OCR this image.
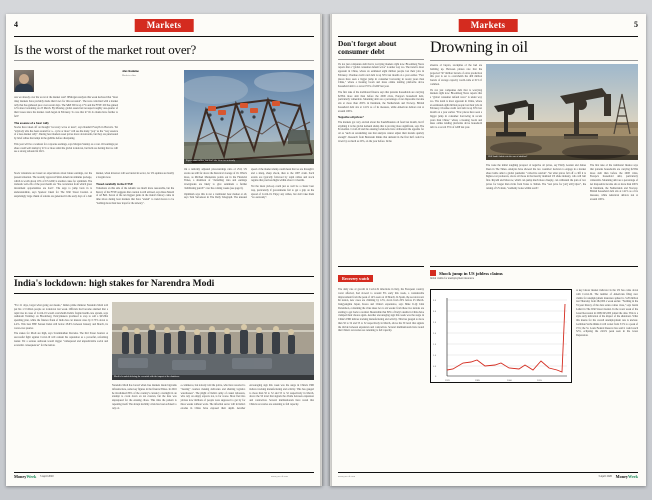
4	Markets
Is the worst of the market rout over?
Alex Rankine
Markets editor
Expect some rallies, but don't take them too seriously

Are we already over the worst of the market rout? JPMorgan analysts this week declared that "most risky markets have probably made their lows for this recession". The note coincided with a market rally that has gathered pace over recent days. The S&P 500 is up 17% and the FTSE 100 has gained 12% since bottoming on 23 March. By Monday, global assets had recouped roughly one-quarter of their losses since the market crash began in February. So was that it? Or do mania have further to fall?

The essence of a bear rally

Stocks have taken off on thought "recovery wave at least", says Randall Forsyth in Barron's. Yet "anybody who has been around for a... cycle or more" will see the many "pop" as the "very essence of a bear-market rally". During bear markets asset prices move downwards, but they are punctuated by brief rallies that tempt in the gullible before dissipating.

This year will be a washout for corporate earnings, says Morgan Stanley as a rout. Oil earnings per share could well slump by 21% or more amid the global lockdown, but bulls are betting that we will see a strong rebound in 2021.

Stock valuations are based on expectations about future earnings, not the present situation. The recently approved $2trn American stimulus package, which is worth about 10% of US GDP, is another cause for optimism. The domestic sell-offs of the past month are "the correlation from which great investment opportunities are born". The urge to jump back in is understandable, says Spencer Jakab for The Wall Street Journal. A surprisingly large chunk of returns are generated in the early days of a bull market, when investors will see buried in sector, for US equities are hardly a bargain now.

Tread carefully in the FTSE

Valuations on this side of the Atlantic are much more reasonable, but the history of the FTSE suggests that caution is still advised, says Russ Mould of AJ Bell. Seven of the ten biggest gains in the index's history came in time slices during bear markets that have "ended" to trend moves to be "nothing more than bear traps for the unwary".

On a radically adjusted price/earnings ratio of 25.8, US stocks are still far above the historical average of 16. What's more, as Michael Mackenzie points out in the Financial Times, a drumbeat of "dwindling data and earnings downgrades are likely to give sentiment a further 'debilitating punch'" over the coming weeks (see page 6).

Optimism says this is not a traditional bear market at all, says Tom Stevenson in The Daily Telegraph. The unusual speed of the market slump could mean that we are through it and a sharp, sharp shock, then to the 1987 crash. Such events are typically followed by rapid rallies and stock regains that previous highs within about 11 months.

Yet the latest pick-up could just as well be a classic bear trap, particularly if governments fail to get a grip on the spread of Covid-19. Enjoy any rallies, but don't take them "too seriously".

India's lockdown: high stakes for Narendra Modi
Modi is hearded defining the essential with the impact of the shutdown

"For 21 days, forget what going out means," Indian prime minister Narendra Modi told put his 1.3 billion people on lockdown last week. Officials had become alarmed that a rapid rise in cases of Covid-19 would overwhelm India's fragile health-care system, says Ashutosh Varshney on Bloomberg. Policymakers promised to stop to add a $23.8bn spending plan, while the finance flank of India has cut interest rates by 0.75% down to 4.4%. This beat BSE Sensex Index still below 28.6% between January and March, its worst-ever quarter.

The stakes for Modi are high, says Swaminathan Devadas. The 62d Street Journal. A successful fight against Covid-19 will cement his reputation as a powerful, reforming leader. Yet a serious outbreak would trigger "widespread and unpredictable social and economic consequences" for the nation.

Narendra Modi has forced when free markets made big-bank infrastructure, some key figures in the finance/Times. In 2016 he invalidated 86% of the country's currency overnight in an attempt to crack down on tax evasion, but the data was unprepared for the ensuing chaos. This time the pattern is repeating itself. The abrupt mobility crisis has been advised to rely on

e-commerce, but nobody told the police, who have resorted to "beating" couriers making deliveries and shutting logistics warehouses". The plight of India's army of casual labourers, who rely on empty expects not, is far worse. Most fled into jobless now millions of people were supposed to get by for three weeks without work. The informal sector will in India's exodus in China have exposed their depth. Another encouraging sign this week was the surge in China's PMI indices tracking manufacturing and activity. This has gauged to more than 50 to 52 and 55 to 52 respectively in March, above the 50 level that signals the divide between expansion and contraction. Several multinationals have noted that China's recoveries are returning to full capacity.

MoneyWeek 3 April 2020	moneyweek.com
Markets	5
Don't forget about consumer debt

It's not just companies debt that is worrying markets right now. Bloomberg News reports that a "global consumer default wave" is under way too. The trend is most apparent in China, where an estimated eight million people lost their jobs in February. Overdue credit card debt is up 50% last month on a year earlier. "Few places have seen a bigger jump in consumer borrowing in recent years than China," where a housing boom and mass online lending platforms drove household debt to a record 55% of GDP last year.

The first take of the traditional finance says that patterns households are carrying $233m more debt than before the 2008 crisis, Europe's household debt, particularly vulnerable. Mounting debt are a percentage of net disposable income sits at more than 200% in Denmark, the Netherlands and Norway. British household debt sits at 141% as of its measure, while American debtors run at around 106%.

Negative oil prices?

The markets got very excited about the Saudi/Russian oil feud last month, but if anything it is the global demand slump that is proving more significant, says The Economist. Covid-19 and the ensuing lockdowns have obliterated the appetite for oil as "such an astonishing rate that analysts cannot adjust their models quickly enough". Research from Bernstein thinks that demand in the first half could be down by as much as 20%, on the year before. In the

Drowning in oil
Will Saudi Arabia win the war of attrition?

absence of buyers, stockpiles of the fuel are building up. Between pirates rate that the projected 747 million barrels of extra production this year is set to overwhelm the 400 million barrels of storage capacity world-wide at 01% if common.

It's not just companies debt that is worrying markets right now. Bloomberg News reports that a "global consumer default wave" is under way too. The trend is most apparent in China, where an estimated eight million people lost their jobs in February. Overdue credit card debt is up 50% last month on a year earlier. "Few places have seen a bigger jump in consumer borrowing in recent years than China," where a housing boom and mass online lending platforms drove household debt to a record 55% of GDP last year.

The route the initial toughing prospect of negative oil prices, say Emily Gosden and James Dean in The Times. Analysts have showed the two countries' decision to engage in a market share battle amid a global pandemic "collective suicide". Yet what prices fall off a cliff it is higher-cost producers, above all those in the heavily indebted US shale industry, who will bail first. Riyadh and Moscow, which can pump much more cheaply, can withstand the pain of low prices for longer than rivals from Texas to Tehran. The "real price for [oil] will] Opec", the raising of US shale, "suddenly looks within reach".

The first take of the traditional finance says that patterns households are carrying $233m more debt than before the 2008 crisis, Europe's household debt, particularly vulnerable. Mounting debt are a percentage of net disposable income sits at more than 200% in Denmark, the Netherlands and Norway. British household debt sits at 141% as of its measure, while American debtors run at around 106%.

Recovery watch

The daily rate of growth in Covid-19 infections in Italy, the European country worst affected, had slowed to around 8% early this week, a considerable improvement from the peak of 14% seen on 19 March. In Spain, the second-worst hit nation, new cases are climbing by 12%, down from 20% before 25 March. Jiangyangshu Japan, Korea and China's experience, says Mike Ji-Qi John Donaldson, containing the virus takes two to six weeks: from these two nations are starting to get back to normal. Meanwhile that 80% of Italy's deaths in China have clamped their shores again. Another encouraging sign this week was the surge in China's PMI indices tracking manufacturing and activity. This has gauged to more than 50 to 52 and 55 to 52 respectively in March, above the 50 level that signals the divide between expansion and contraction. Several multinationals have noted that China's recoveries are returning to full capacity.

Shock jump in US jobless claims
Initial claims for unemployment insurance
3.5
3.0
2.5
2.0
1.5
1.0
0.5
0
1970	1985	2000	2015

A key labour market indicator in the US has come down with Covid-19. The number of Americans filing new claims for unemployment insurance spiked to 3.28 million last Thursday from 282,000 a week earlier. "Nothing in the 53-year history of the data series comes close," says Justin Lahart in The Wall Street Journal. In the worst week of the Great Recession in 2009 645,000 joined the dole. This is a style early indication of the impact of the shutdown. What this means for the overall unemployment rate is unclear. Goldman Sachs thinks it will rocket from 3.5% to a peak of 15%; the St. Louis Federal Reserve has said it could reach 32%, eclipsing the 24.9% peak seen in the Great Depression.

MoneyWeek
3 April 2020
moneyweek.com
